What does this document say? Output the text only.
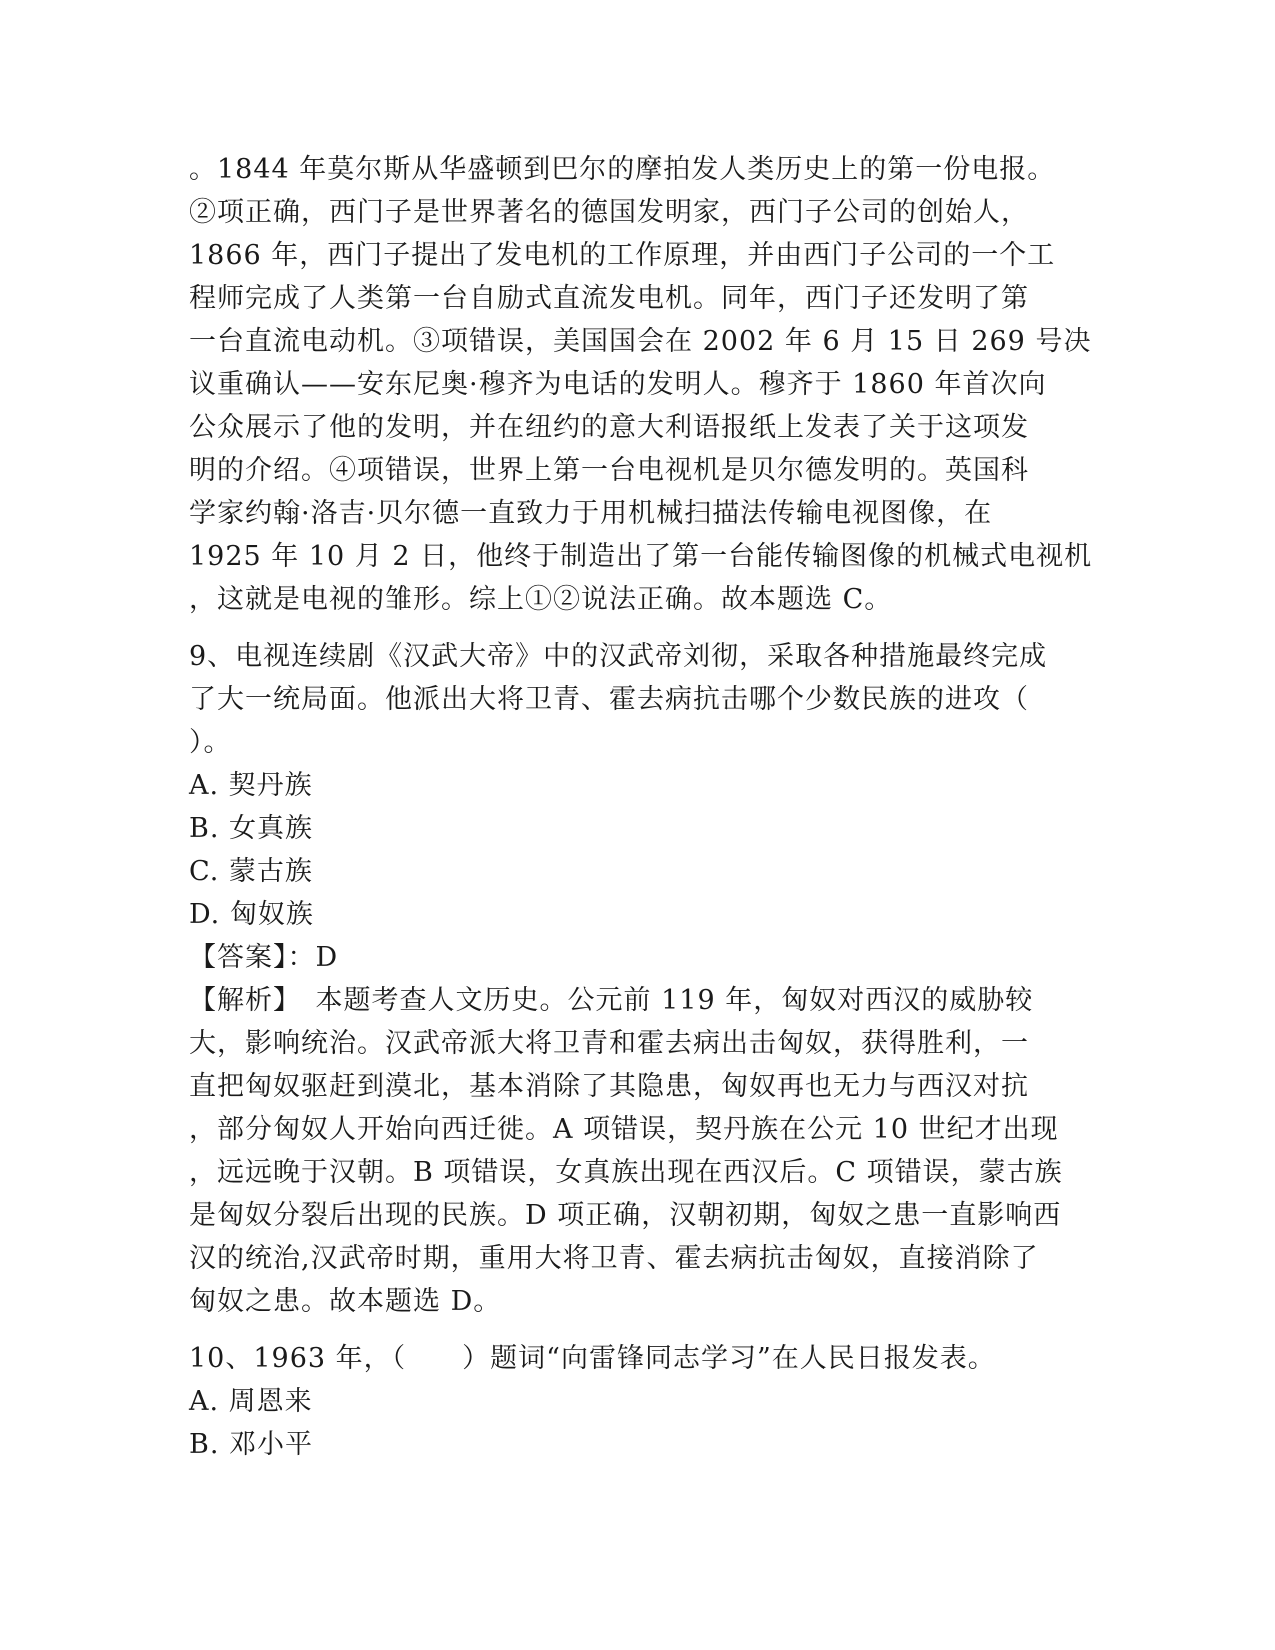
。1844 年莫尔斯从华盛顿到巴尔的摩拍发人类历史上的第一份电报。
②项正确，西门子是世界著名的德国发明家，西门子公司的创始人，
1866 年，西门子提出了发电机的工作原理，并由西门子公司的一个工
程师完成了人类第一台自励式直流发电机。同年，西门子还发明了第
一台直流电动机。③项错误，美国国会在 2002 年 6 月 15 日 269 号决
议重确认——安东尼奥·穆齐为电话的发明人。穆齐于 1860 年首次向
公众展示了他的发明，并在纽约的意大利语报纸上发表了关于这项发
明的介绍。④项错误，世界上第一台电视机是贝尔德发明的。英国科
学家约翰·洛吉·贝尔德一直致力于用机械扫描法传输电视图像，在
1925 年 10 月 2 日，他终于制造出了第一台能传输图像的机械式电视机
，这就是电视的雏形。综上①②说法正确。故本题选 C。
9、电视连续剧《汉武大帝》中的汉武帝刘彻，采取各种措施最终完成
了大一统局面。他派出大将卫青、霍去病抗击哪个少数民族的进攻（
）。
A. 契丹族
B. 女真族
C. 蒙古族
D. 匈奴族
【答案】：D
【解析】　本题考查人文历史。公元前 119 年，匈奴对西汉的威胁较
大，影响统治。汉武帝派大将卫青和霍去病出击匈奴，获得胜利，一
直把匈奴驱赶到漠北，基本消除了其隐患，匈奴再也无力与西汉对抗
，部分匈奴人开始向西迁徙。A 项错误，契丹族在公元 10 世纪才出现
，远远晚于汉朝。B 项错误，女真族出现在西汉后。C 项错误，蒙古族
是匈奴分裂后出现的民族。D 项正确，汉朝初期，匈奴之患一直影响西
汉的统治,汉武帝时期，重用大将卫青、霍去病抗击匈奴，直接消除了
匈奴之患。故本题选 D。
10、1963 年，（　　）题词“向雷锋同志学习”在人民日报发表。
A. 周恩来
B. 邓小平
